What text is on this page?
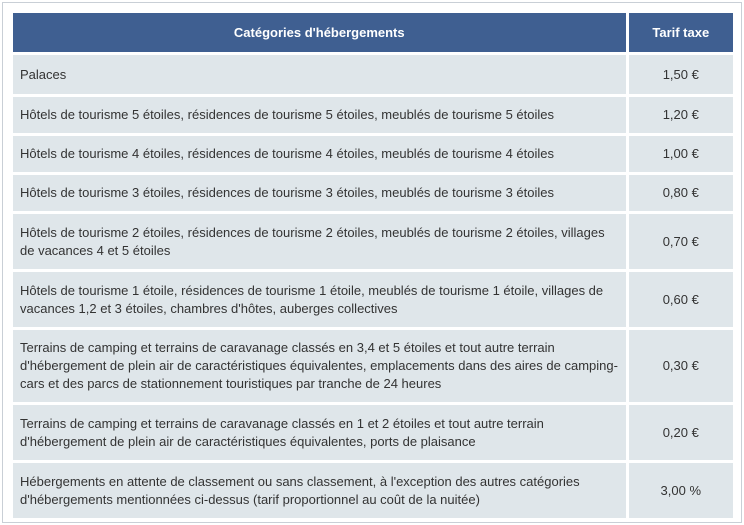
Catégories d'hébergements	Tarif taxe
Palaces	1,50 €
Hôtels de tourisme 5 étoiles, résidences de tourisme 5 étoiles, meublés de tourisme 5 étoiles	1,20 €
Hôtels de tourisme 4 étoiles, résidences de tourisme 4 étoiles, meublés de tourisme 4 étoiles	1,00 €
Hôtels de tourisme 3 étoiles, résidences de tourisme 3 étoiles, meublés de tourisme 3 étoiles	0,80 €
Hôtels de tourisme 2 étoiles, résidences de tourisme 2 étoiles, meublés de tourisme 2 étoiles, villages de vacances 4 et 5 étoiles	0,70 €
Hôtels de tourisme 1 étoile, résidences de tourisme 1 étoile, meublés de tourisme 1 étoile, villages de vacances 1,2 et 3 étoiles, chambres d'hôtes, auberges collectives	0,60 €
Terrains de camping et terrains de caravanage classés en 3,4 et 5 étoiles et tout autre terrain d'hébergement de plein air de caractéristiques équivalentes, emplacements dans des aires de camping-cars et des parcs de stationnement touristiques par tranche de 24 heures	0,30 €
Terrains de camping et terrains de caravanage classés en 1 et 2 étoiles et tout autre terrain d'hébergement de plein air de caractéristiques équivalentes, ports de plaisance	0,20 €
Hébergements en attente de classement ou sans classement, à l'exception des autres catégories d'hébergements mentionnées ci-dessus (tarif proportionnel au coût de la nuitée)	3,00 %
